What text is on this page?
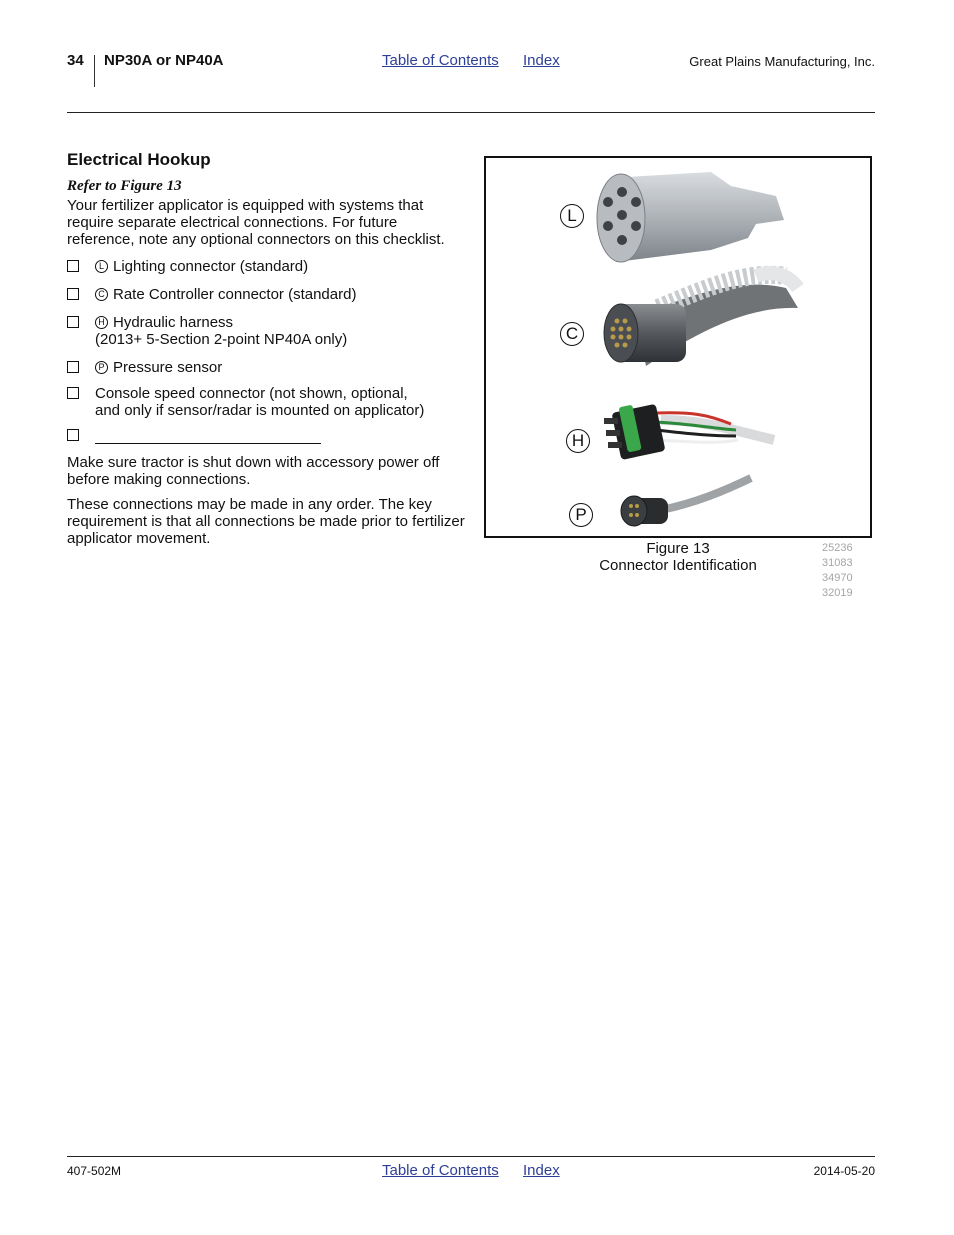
34 NP30A or NP40A	Table of Contents Index	Great Plains Manufacturing, Inc.
Electrical Hookup
Refer to Figure 13
Your fertilizer applicator is equipped with systems that require separate electrical connections. For future reference, note any optional connectors on this checklist.
L Lighting connector (standard)
C Rate Controller connector (standard)
H Hydraulic harness
(2013+ 5-Section 2-point NP40A only)
P Pressure sensor
Console speed connector (not shown, optional,
and only if sensor/radar is mounted on applicator)
Make sure tractor is shut down with accessory power off before making connections.
These connections may be made in any order. The key requirement is that all connections be made prior to fertilizer applicator movement.
L
C
H
P
Figure 13
Connector Identification
25236
31083
34970
32019
407-502M	Table of Contents Index	2014-05-20
